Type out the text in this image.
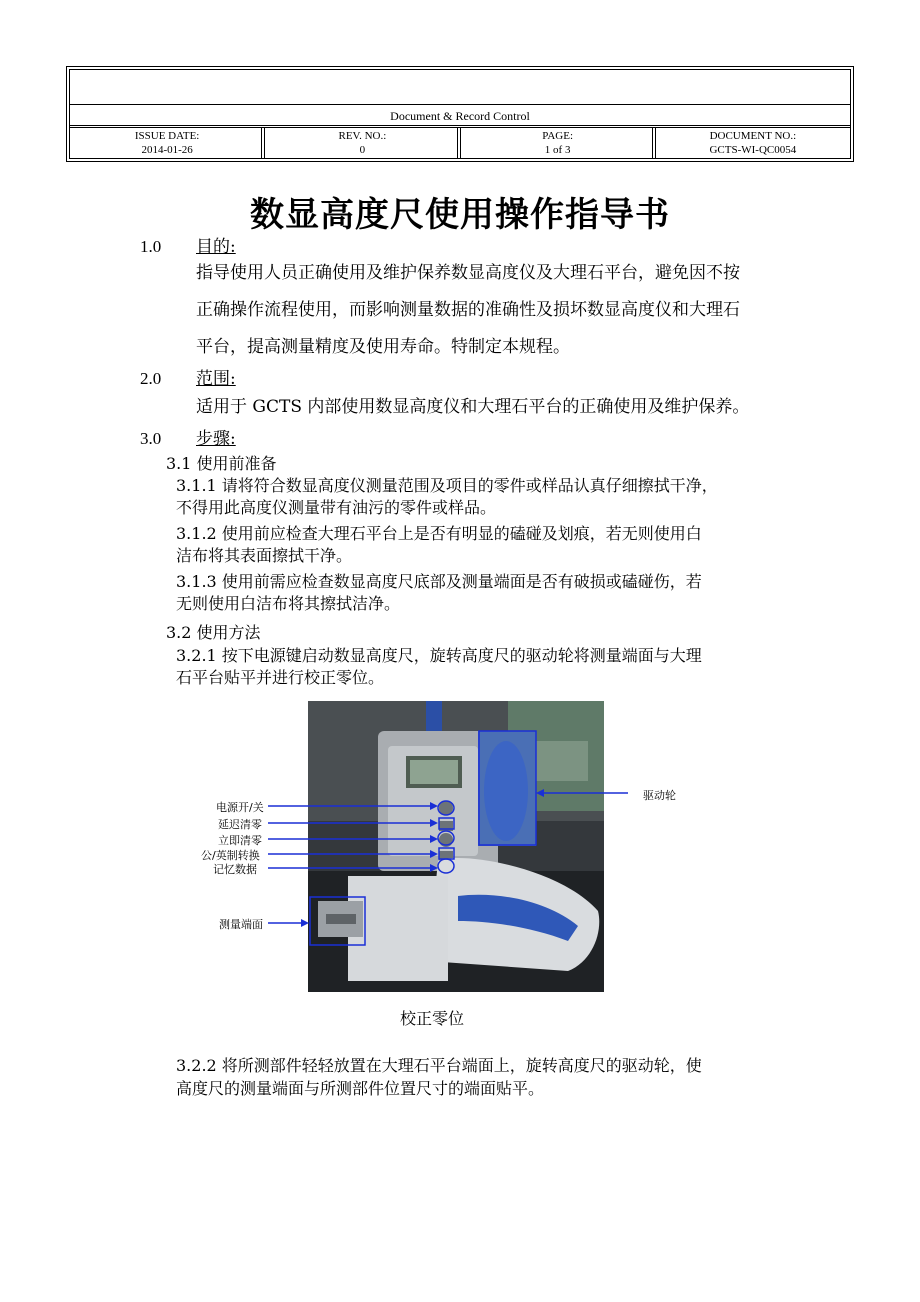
Document & Record Control
ISSUE DATE:
2014-01-26
REV. NO.:
0
PAGE:
1 of 3
DOCUMENT NO.:
GCTS-WI-QC0054
数显高度尺使用操作指导书
1.0 目的:
指导使用人员正确使用及维护保养数显高度仪及大理石平台，避免因不按
正确操作流程使用，而影响测量数据的准确性及损坏数显高度仪和大理石
平台，提高测量精度及使用寿命。特制定本规程。
2.0 范围:
适用于 GCTS 内部使用数显高度仪和大理石平台的正确使用及维护保养。
3.0 步骤:
3.1 使用前准备
3.1.1 请将符合数显高度仪测量范围及项目的零件或样品认真仔细擦拭干净，
不得用此高度仪测量带有油污的零件或样品。
3.1.2 使用前应检查大理石平台上是否有明显的磕碰及划痕，若无则使用白
洁布将其表面擦拭干净。
3.1.3 使用前需应检查数显高度尺底部及测量端面是否有破损或磕碰伤，若
无则使用白洁布将其擦拭洁净。
3.2 使用方法
3.2.1 按下电源键启动数显高度尺，旋转高度尺的驱动轮将测量端面与大理
石平台贴平并进行校正零位。
电源开/关
延迟清零
立即清零
公/英制转换
记忆数据
测量端面
驱动轮
校正零位
3.2.2 将所测部件轻轻放置在大理石平台端面上，旋转高度尺的驱动轮，使
高度尺的测量端面与所测部件位置尺寸的端面贴平。
